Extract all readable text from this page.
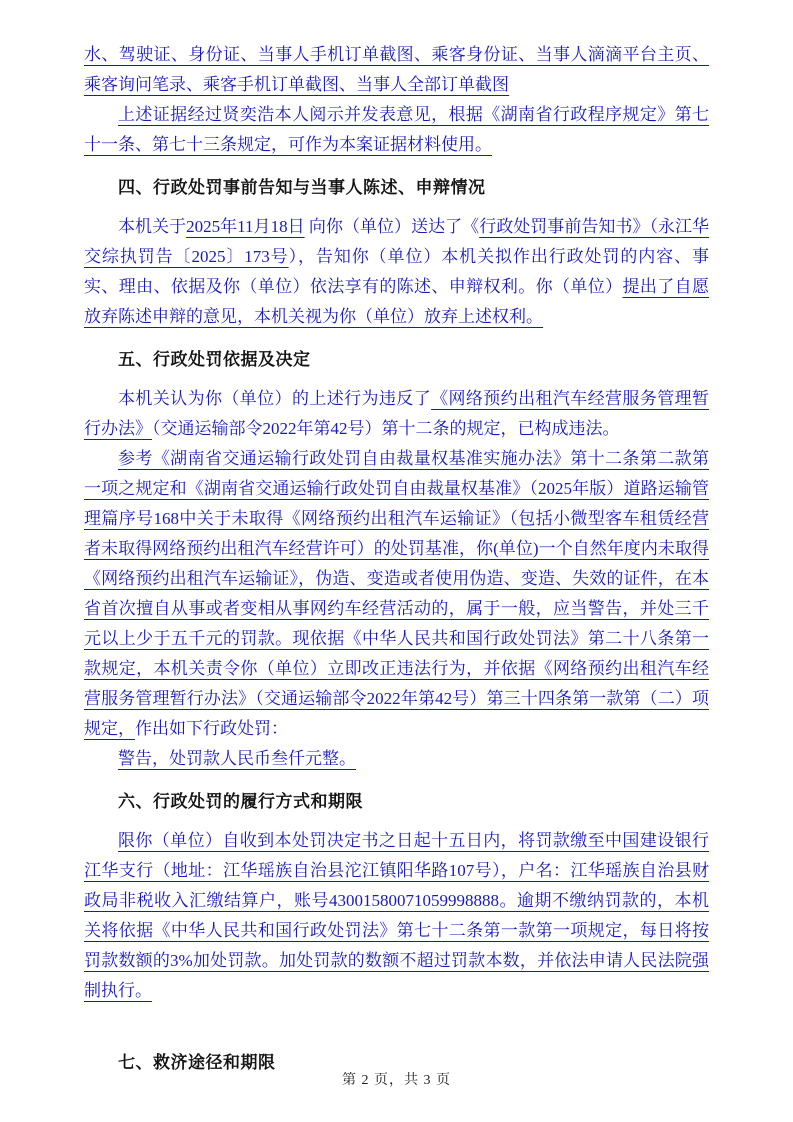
水、驾驶证、身份证、当事人手机订单截图、乘客身份证、当事人滴滴平台主页、乘客询问笔录、乘客手机订单截图、当事人全部订单截图

上述证据经过贤奕浩本人阅示并发表意见，根据《湖南省行政程序规定》第七十一条、第七十三条规定，可作为本案证据材料使用。

四、行政处罚事前告知与当事人陈述、申辩情况

本机关于2025年11月18日 向你（单位）送达了《行政处罚事前告知书》（永江华交综执罚告〔2025〕173号），告知你（单位）本机关拟作出行政处罚的内容、事实、理由、依据及你（单位）依法享有的陈述、申辩权利。你（单位）提出了自愿放弃陈述申辩的意见，本机关视为你（单位）放弃上述权利。

五、行政处罚依据及决定

本机关认为你（单位）的上述行为违反了《网络预约出租汽车经营服务管理暂行办法》（交通运输部令2022年第42号）第十二条的规定，已构成违法。

参考《湖南省交通运输行政处罚自由裁量权基准实施办法》第十二条第二款第一项之规定和《湖南省交通运输行政处罚自由裁量权基准》（2025年版）道路运输管理篇序号168中关于未取得《网络预约出租汽车运输证》（包括小微型客车租赁经营者未取得网络预约出租汽车经营许可）的处罚基准，你(单位)一个自然年度内未取得《网络预约出租汽车运输证》，伪造、变造或者使用伪造、变造、失效的证件，在本省首次擅自从事或者变相从事网约车经营活动的，属于一般，应当警告，并处三千元以上少于五千元的罚款。现依据《中华人民共和国行政处罚法》第二十八条第一款规定，本机关责令你（单位）立即改正违法行为，并依据《网络预约出租汽车经营服务管理暂行办法》（交通运输部令2022年第42号）第三十四条第一款第（二）项规定，作出如下行政处罚：

警告，处罚款人民币叁仟元整。

六、行政处罚的履行方式和期限

限你（单位）自收到本处罚决定书之日起十五日内，将罚款缴至中国建设银行江华支行（地址：江华瑶族自治县沱江镇阳华路107号），户名：江华瑶族自治县财政局非税收入汇缴结算户，账号43001580071059998888。逾期不缴纳罚款的，本机关将依据《中华人民共和国行政处罚法》第七十二条第一款第一项规定，每日将按罚款数额的3%加处罚款。加处罚款的数额不超过罚款本数，并依法申请人民法院强制执行。

七、救济途径和期限

第 2 页，共 3 页
